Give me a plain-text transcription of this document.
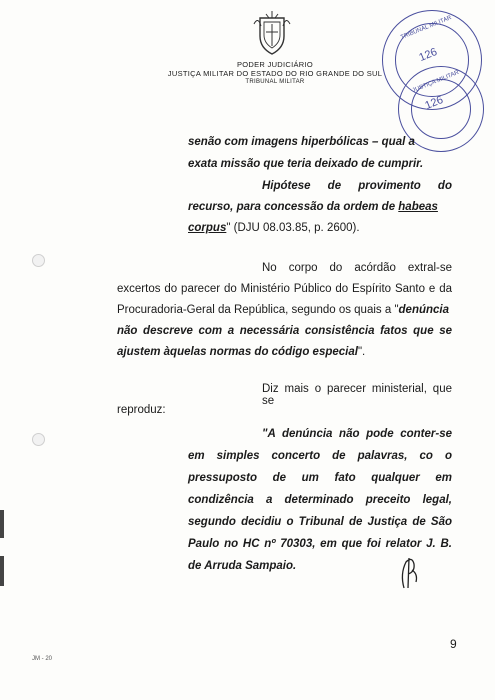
PODER JUDICIÁRIO
JUSTIÇA MILITAR DO ESTADO DO RIO GRANDE DO SUL
TRIBUNAL MILITAR
TRIBUNAL MILITAR
126
JUSTIÇA MILITAR
126
senão com imagens hiperbólicas – qual a
exata missão que teria deixado de cumprir.
Hipótese de provimento do
recurso, para concessão da ordem de habeas
corpus" (DJU 08.03.85, p. 2600).
No corpo do acórdão extral-se
excertos do parecer do Ministério Público do Espírito Santo e da
Procuradoria-Geral da República, segundo os quais a "denúncia
não descreve com a necessária consistência fatos que se
ajustem àquelas normas do código especial".
Diz mais o parecer ministerial, que se
reproduz:
"A denúncia não pode conter-se
em simples concerto de palavras, co o
pressuposto de um fato qualquer em
condizência a determinado preceito legal,
segundo decidiu o Tribunal de Justiça de São
Paulo no HC nº 70303, em que foi relator J. B.
de Arruda Sampaio.
9
JM - 20
